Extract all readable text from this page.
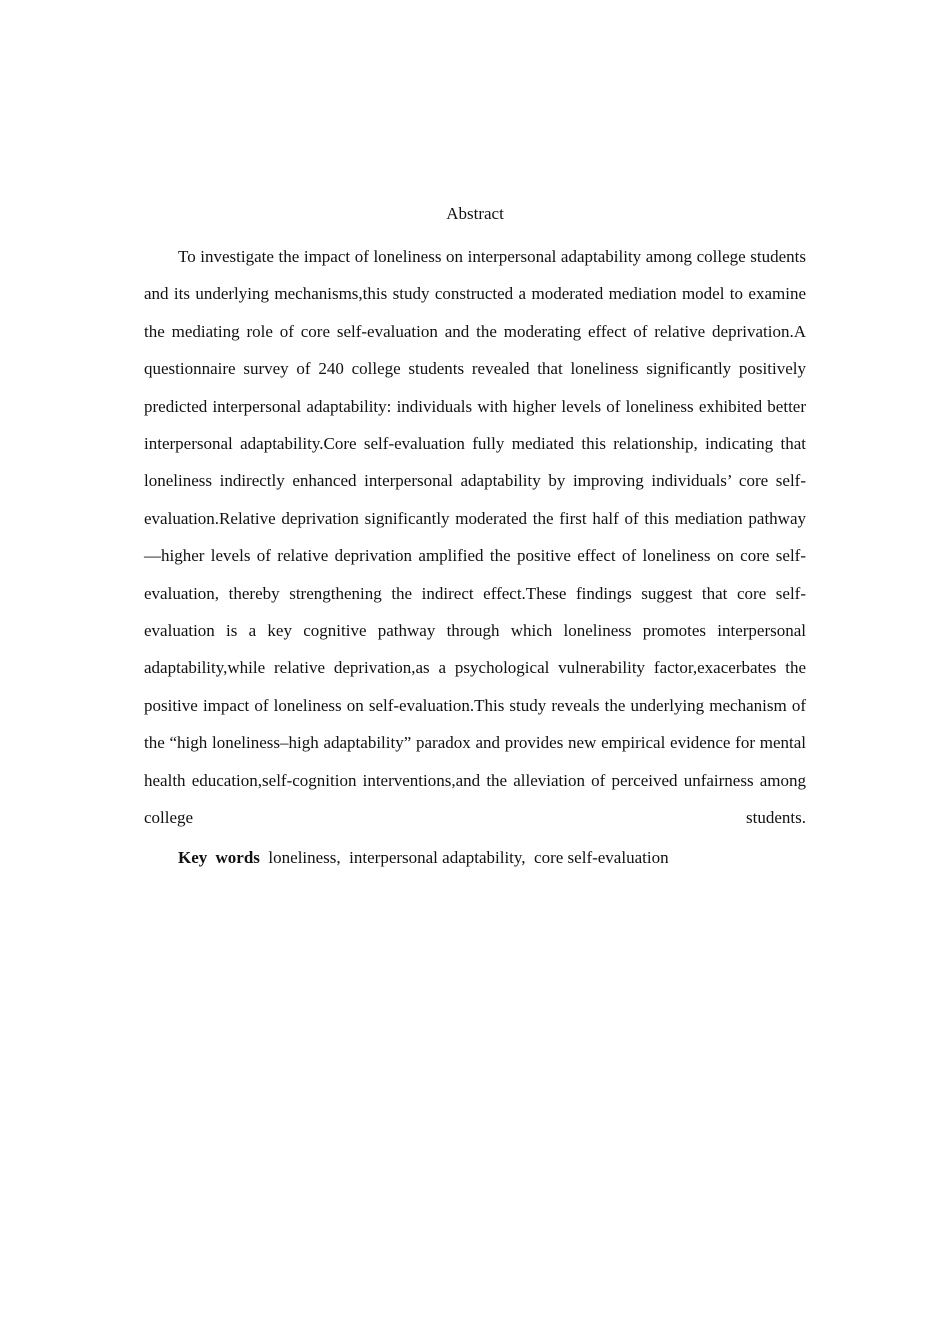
Abstract

To investigate the impact of loneliness on interpersonal adaptability among college students and its underlying mechanisms,this study constructed a moderated mediation model to examine the mediating role of core self-evaluation and the moderating effect of relative deprivation.A questionnaire survey of 240 college students revealed that loneliness significantly positively predicted interpersonal adaptability: individuals with higher levels of loneliness exhibited better interpersonal adaptability.Core self-evaluation fully mediated this relationship, indicating that loneliness indirectly enhanced interpersonal adaptability by improving individuals’ core self-evaluation.Relative deprivation significantly moderated the first half of this mediation pathway—higher levels of relative deprivation amplified the positive effect of loneliness on core self-evaluation, thereby strengthening the indirect effect.These findings suggest that core self-evaluation is a key cognitive pathway through which loneliness promotes interpersonal adaptability,while relative deprivation,as a psychological vulnerability factor,exacerbates the positive impact of loneliness on self-evaluation.This study reveals the underlying mechanism of the “high loneliness–high adaptability” paradox and provides new empirical evidence for mental health education,self-cognition interventions,and the alleviation of perceived unfairness among college students.

Key words  loneliness,  interpersonal adaptability,  core self-evaluation
